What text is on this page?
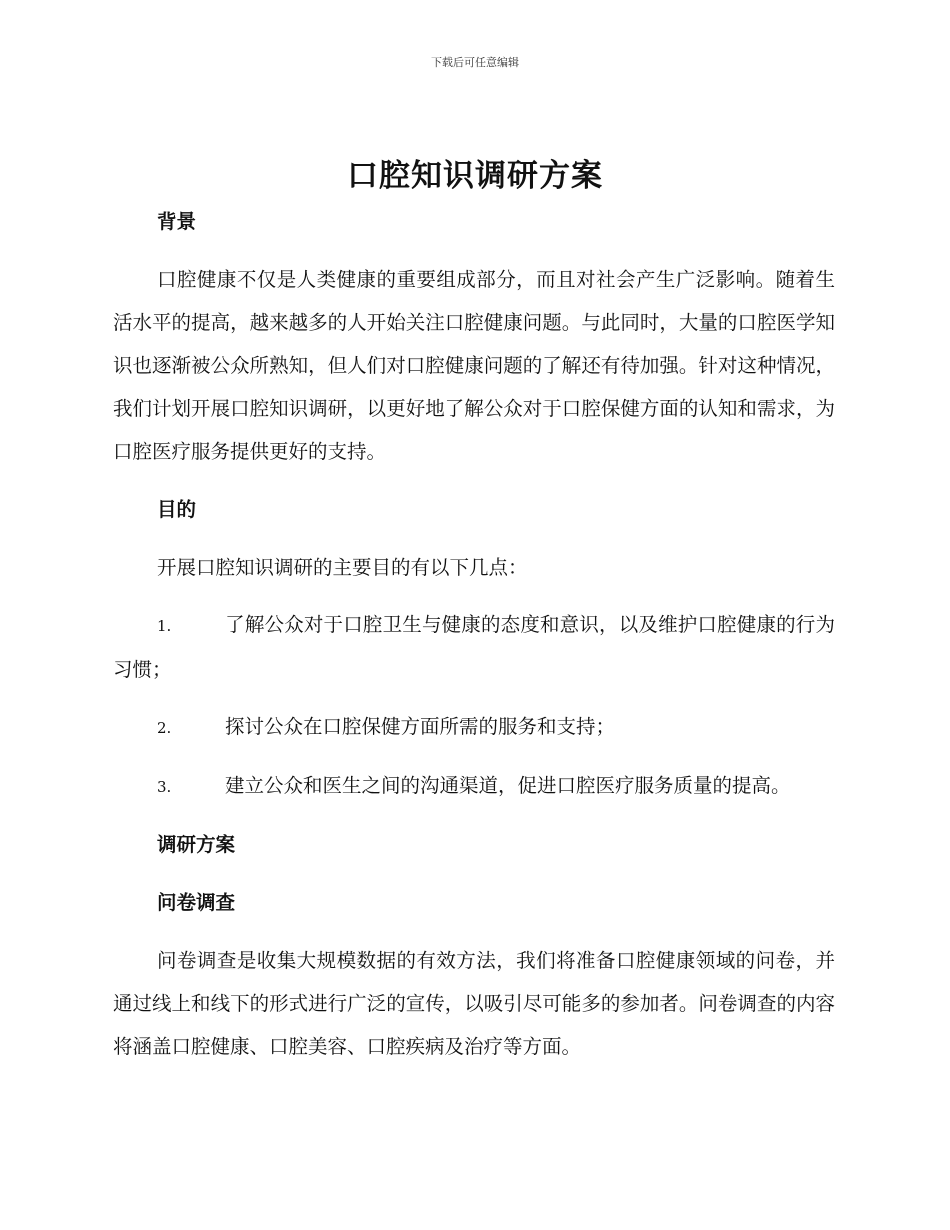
下载后可任意编辑
口腔知识调研方案
背景

口腔健康不仅是人类健康的重要组成部分，而且对社会产生广泛影响。随着生活水平的提高，越来越多的人开始关注口腔健康问题。与此同时，大量的口腔医学知识也逐渐被公众所熟知，但人们对口腔健康问题的了解还有待加强。针对这种情况，我们计划开展口腔知识调研，以更好地了解公众对于口腔保健方面的认知和需求，为口腔医疗服务提供更好的支持。

目的

开展口腔知识调研的主要目的有以下几点：

1.	了解公众对于口腔卫生与健康的态度和意识，以及维护口腔健康的行为习惯；

2.	探讨公众在口腔保健方面所需的服务和支持；

3.	建立公众和医生之间的沟通渠道，促进口腔医疗服务质量的提高。

调研方案
问卷调查

问卷调查是收集大规模数据的有效方法，我们将准备口腔健康领域的问卷，并通过线上和线下的形式进行广泛的宣传，以吸引尽可能多的参加者。问卷调查的内容将涵盖口腔健康、口腔美容、口腔疾病及治疗等方面。
